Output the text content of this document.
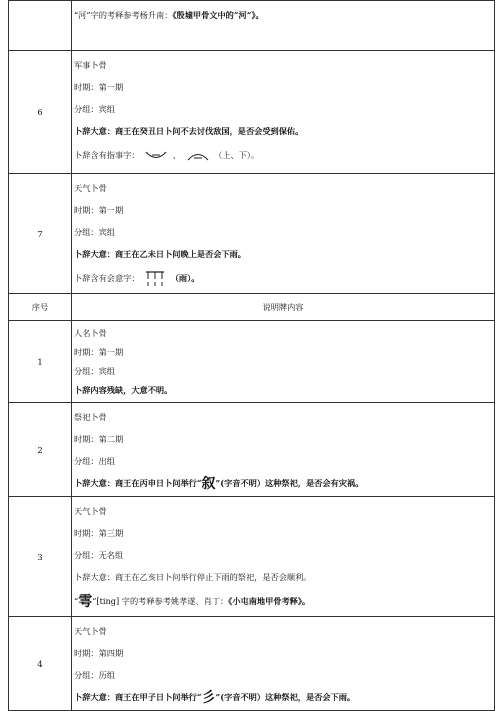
	“河”字的考释参考杨升南：《殷墟甲骨文中的“河”》。

6	军事卜骨
时期：第一期
分组：宾组
卜辞大意：商王在癸丑日卜问不去讨伐敌国，是否会受到保佑。
卜辞含有指事字： 、 （上、下）。

7	天气卜骨
时期：第一期
分组：宾组
卜辞大意：商王在乙未日卜问晚上是否会下雨。
卜辞含有会意字： （雨）。

序号	说明牌内容
1	人名卜骨
时期：第一期
分组：宾组
卜辞内容残缺，大意不明。

2	祭祀卜骨
时期：第二期
分组：出组
卜辞大意：商王在丙申日卜问举行“叙”(字音不明）这种祭祀，是否会有灾祸。

3	天气卜骨
时期：第三期
分组：无名组
卜辞大意：商王在乙亥日卜问举行停止下雨的祭祀，是否会顺利。
“雩”[ting] 字的考释参考姚孝遂、肖丁：《小屯南地甲骨考释》。

4	天气卜骨
时期：第四期
分组：历组
卜辞大意：商王在甲子日卜问举行“彡”(字音不明）这种祭祀，是否会下雨。
